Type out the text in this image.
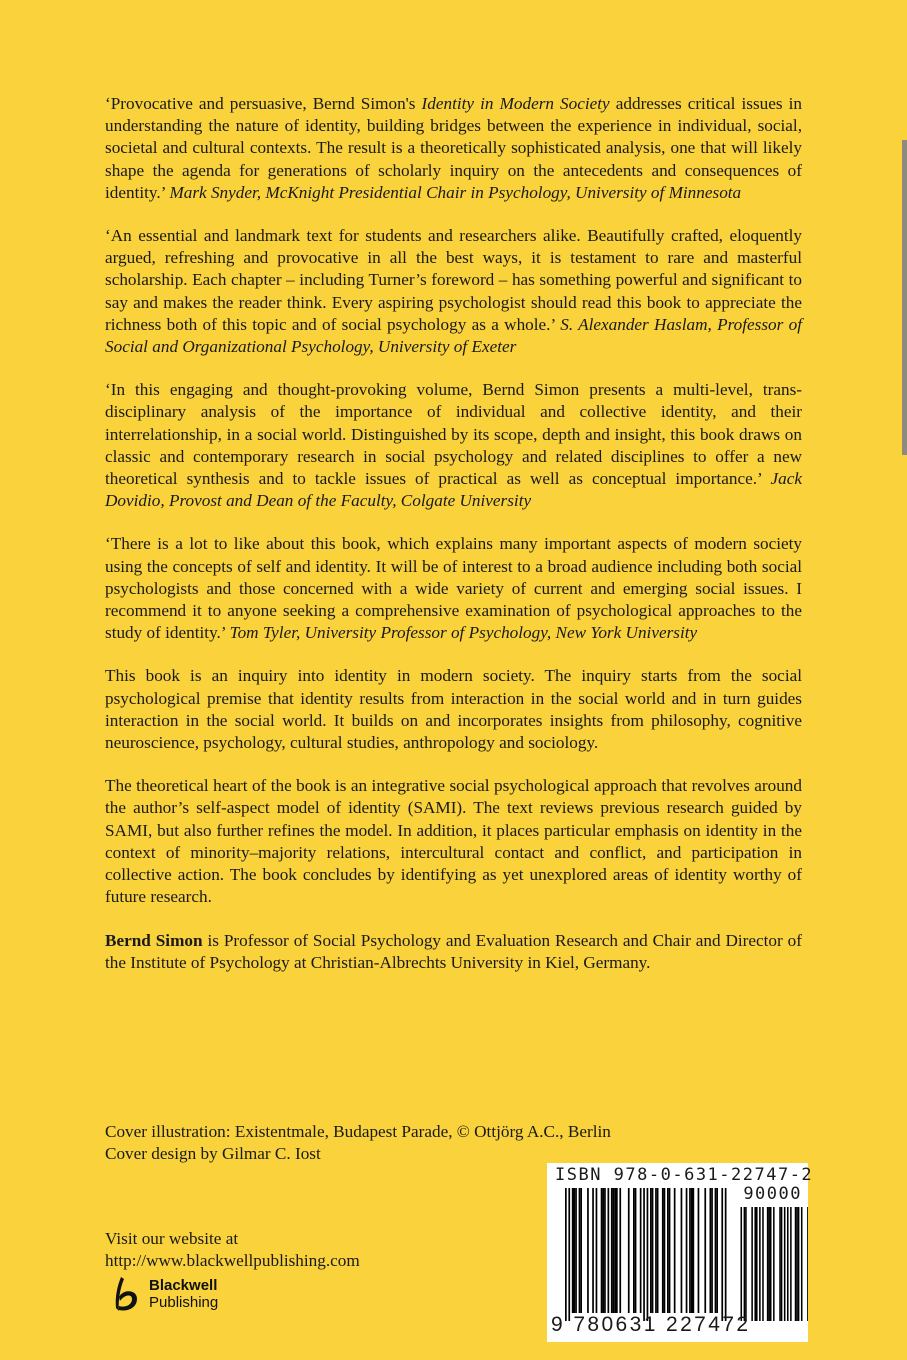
‘Provocative and persuasive, Bernd Simon's Identity in Modern Society addresses critical issues in understanding the nature of identity, building bridges between the experience in individual, social, societal and cultural contexts. The result is a theoretically sophisticated analysis, one that will likely shape the agenda for generations of scholarly inquiry on the antecedents and consequences of identity.’ Mark Snyder, McKnight Presidential Chair in Psychology, University of Minnesota

‘An essential and landmark text for students and researchers alike. Beautifully crafted, eloquently argued, refreshing and provocative in all the best ways, it is testament to rare and masterful scholarship. Each chapter – including Turner’s foreword – has something powerful and significant to say and makes the reader think. Every aspiring psychologist should read this book to appreciate the richness both of this topic and of social psychology as a whole.’ S. Alexander Haslam, Professor of Social and Organizational Psychology, University of Exeter

‘In this engaging and thought-provoking volume, Bernd Simon presents a multi-level, trans-disciplinary analysis of the importance of individual and collective identity, and their interrelationship, in a social world. Distinguished by its scope, depth and insight, this book draws on classic and contemporary research in social psychology and related disciplines to offer a new theoretical synthesis and to tackle issues of practical as well as conceptual importance.’ Jack Dovidio, Provost and Dean of the Faculty, Colgate University

‘There is a lot to like about this book, which explains many important aspects of modern society using the concepts of self and identity. It will be of interest to a broad audience including both social psychologists and those concerned with a wide variety of current and emerging social issues. I recommend it to anyone seeking a comprehensive examination of psychological approaches to the study of identity.’ Tom Tyler, University Professor of Psychology, New York University

This book is an inquiry into identity in modern society. The inquiry starts from the social psychological premise that identity results from interaction in the social world and in turn guides interaction in the social world. It builds on and incorporates insights from philosophy, cognitive neuroscience, psychology, cultural studies, anthropology and sociology.

The theoretical heart of the book is an integrative social psychological approach that revolves around the author’s self-aspect model of identity (SAMI). The text reviews previous research guided by SAMI, but also further refines the model. In addition, it places particular emphasis on identity in the context of minority–majority relations, intercultural contact and conflict, and participation in collective action. The book concludes by identifying as yet unexplored areas of identity worthy of future research.

Bernd Simon is Professor of Social Psychology and Evaluation Research and Chair and Director of the Institute of Psychology at Christian-Albrechts University in Kiel, Germany.

Cover illustration: Existentmale, Budapest Parade, © Ottjörg A.C., Berlin
Cover design by Gilmar C. Iost
Visit our website at
http://www.blackwellpublishing.com
Blackwell
Publishing
ISBN 978-0-631-22747-2
90000
9 780631 227472
